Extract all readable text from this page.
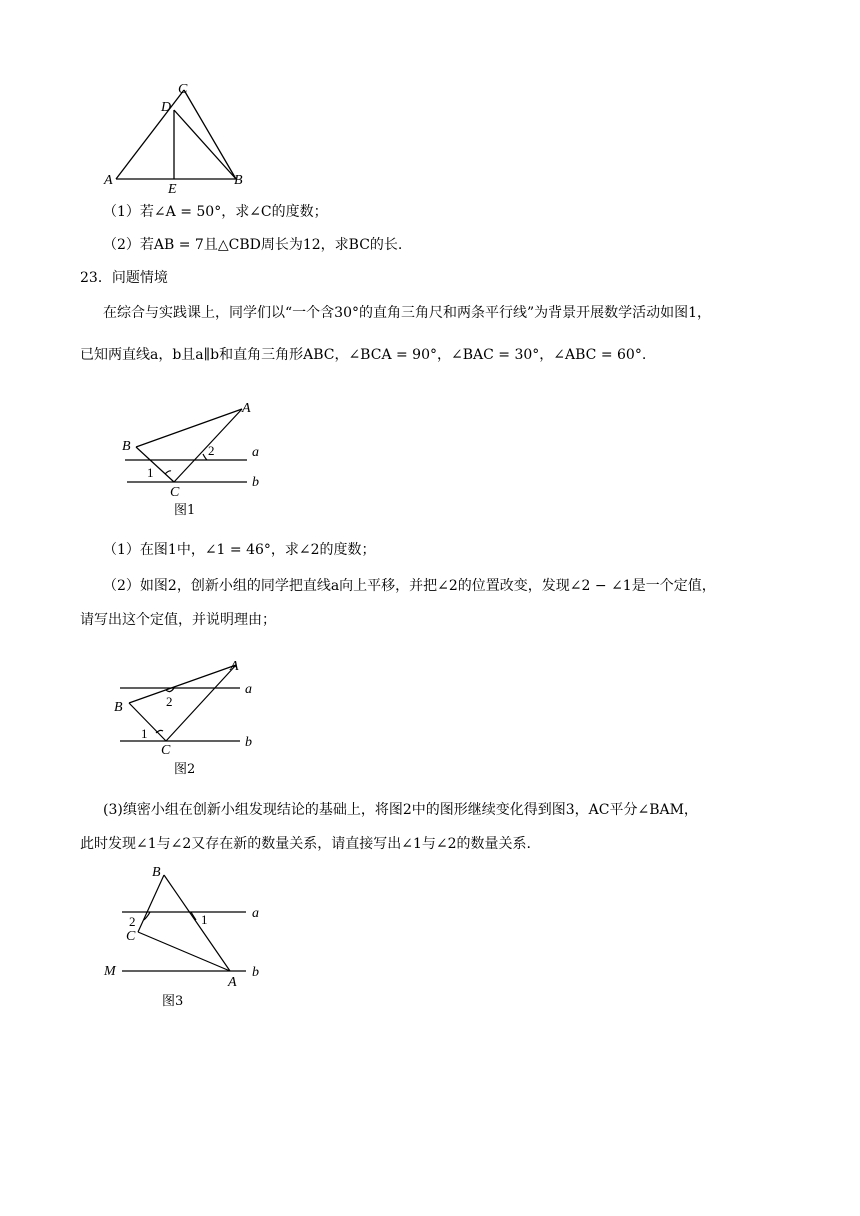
C
D
A
E
B
（1）若∠A = 50°，求∠C的度数；
（2）若AB = 7且△CBD周长为12，求BC的长.
23．问题情境
在综合与实践课上，同学们以“一个含30°的直角三角尺和两条平行线”为背景开展数学活动如图1，
已知两直线a，b且a∥b和直角三角形ABC，∠BCA = 90°，∠BAC = 30°，∠ABC = 60°.
A
B
C
1
2	a
b
图1
（1）在图1中，∠1 = 46°，求∠2的度数；
（2）如图2，创新小组的同学把直线a向上平移，并把∠2的位置改变，发现∠2 − ∠1是一个定值，
请写出这个定值，并说明理由；
A
B
C
1
2
a
b
图2
(3)缜密小组在创新小组发现结论的基础上，将图2中的图形继续变化得到图3，AC平分∠BAM，
此时发现∠1与∠2又存在新的数量关系，请直接写出∠1与∠2的数量关系.
B
C
A
M
2	1	a
b
图3
